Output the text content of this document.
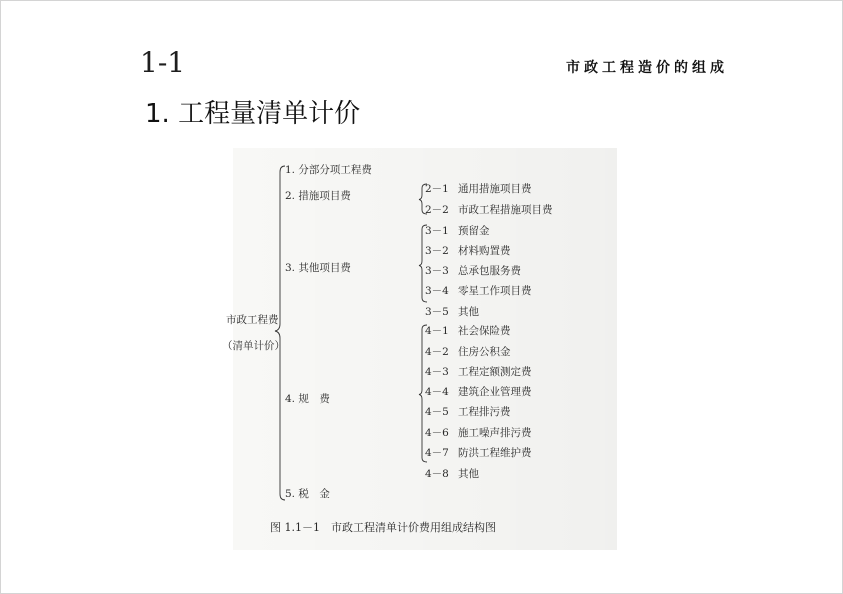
1-1	市政工程造价的组成
1. 工程量清单计价
市政工程费
（清单计价）
1. 分部分项工程费
2. 措施项目费
3. 其他项目费
4. 规　费
5. 税　金
2－1 通用措施项目费
2－2 市政工程措施项目费
3－1 预留金
3－2 材料购置费
3－3 总承包服务费
3－4 零星工作项目费
3－5 其他
4－1 社会保险费
4－2 住房公积金
4－3 工程定额测定费
4－4 建筑企业管理费
4－5 工程排污费
4－6 施工噪声排污费
4－7 防洪工程维护费
4－8 其他
图 1.1－1　市政工程清单计价费用组成结构图
